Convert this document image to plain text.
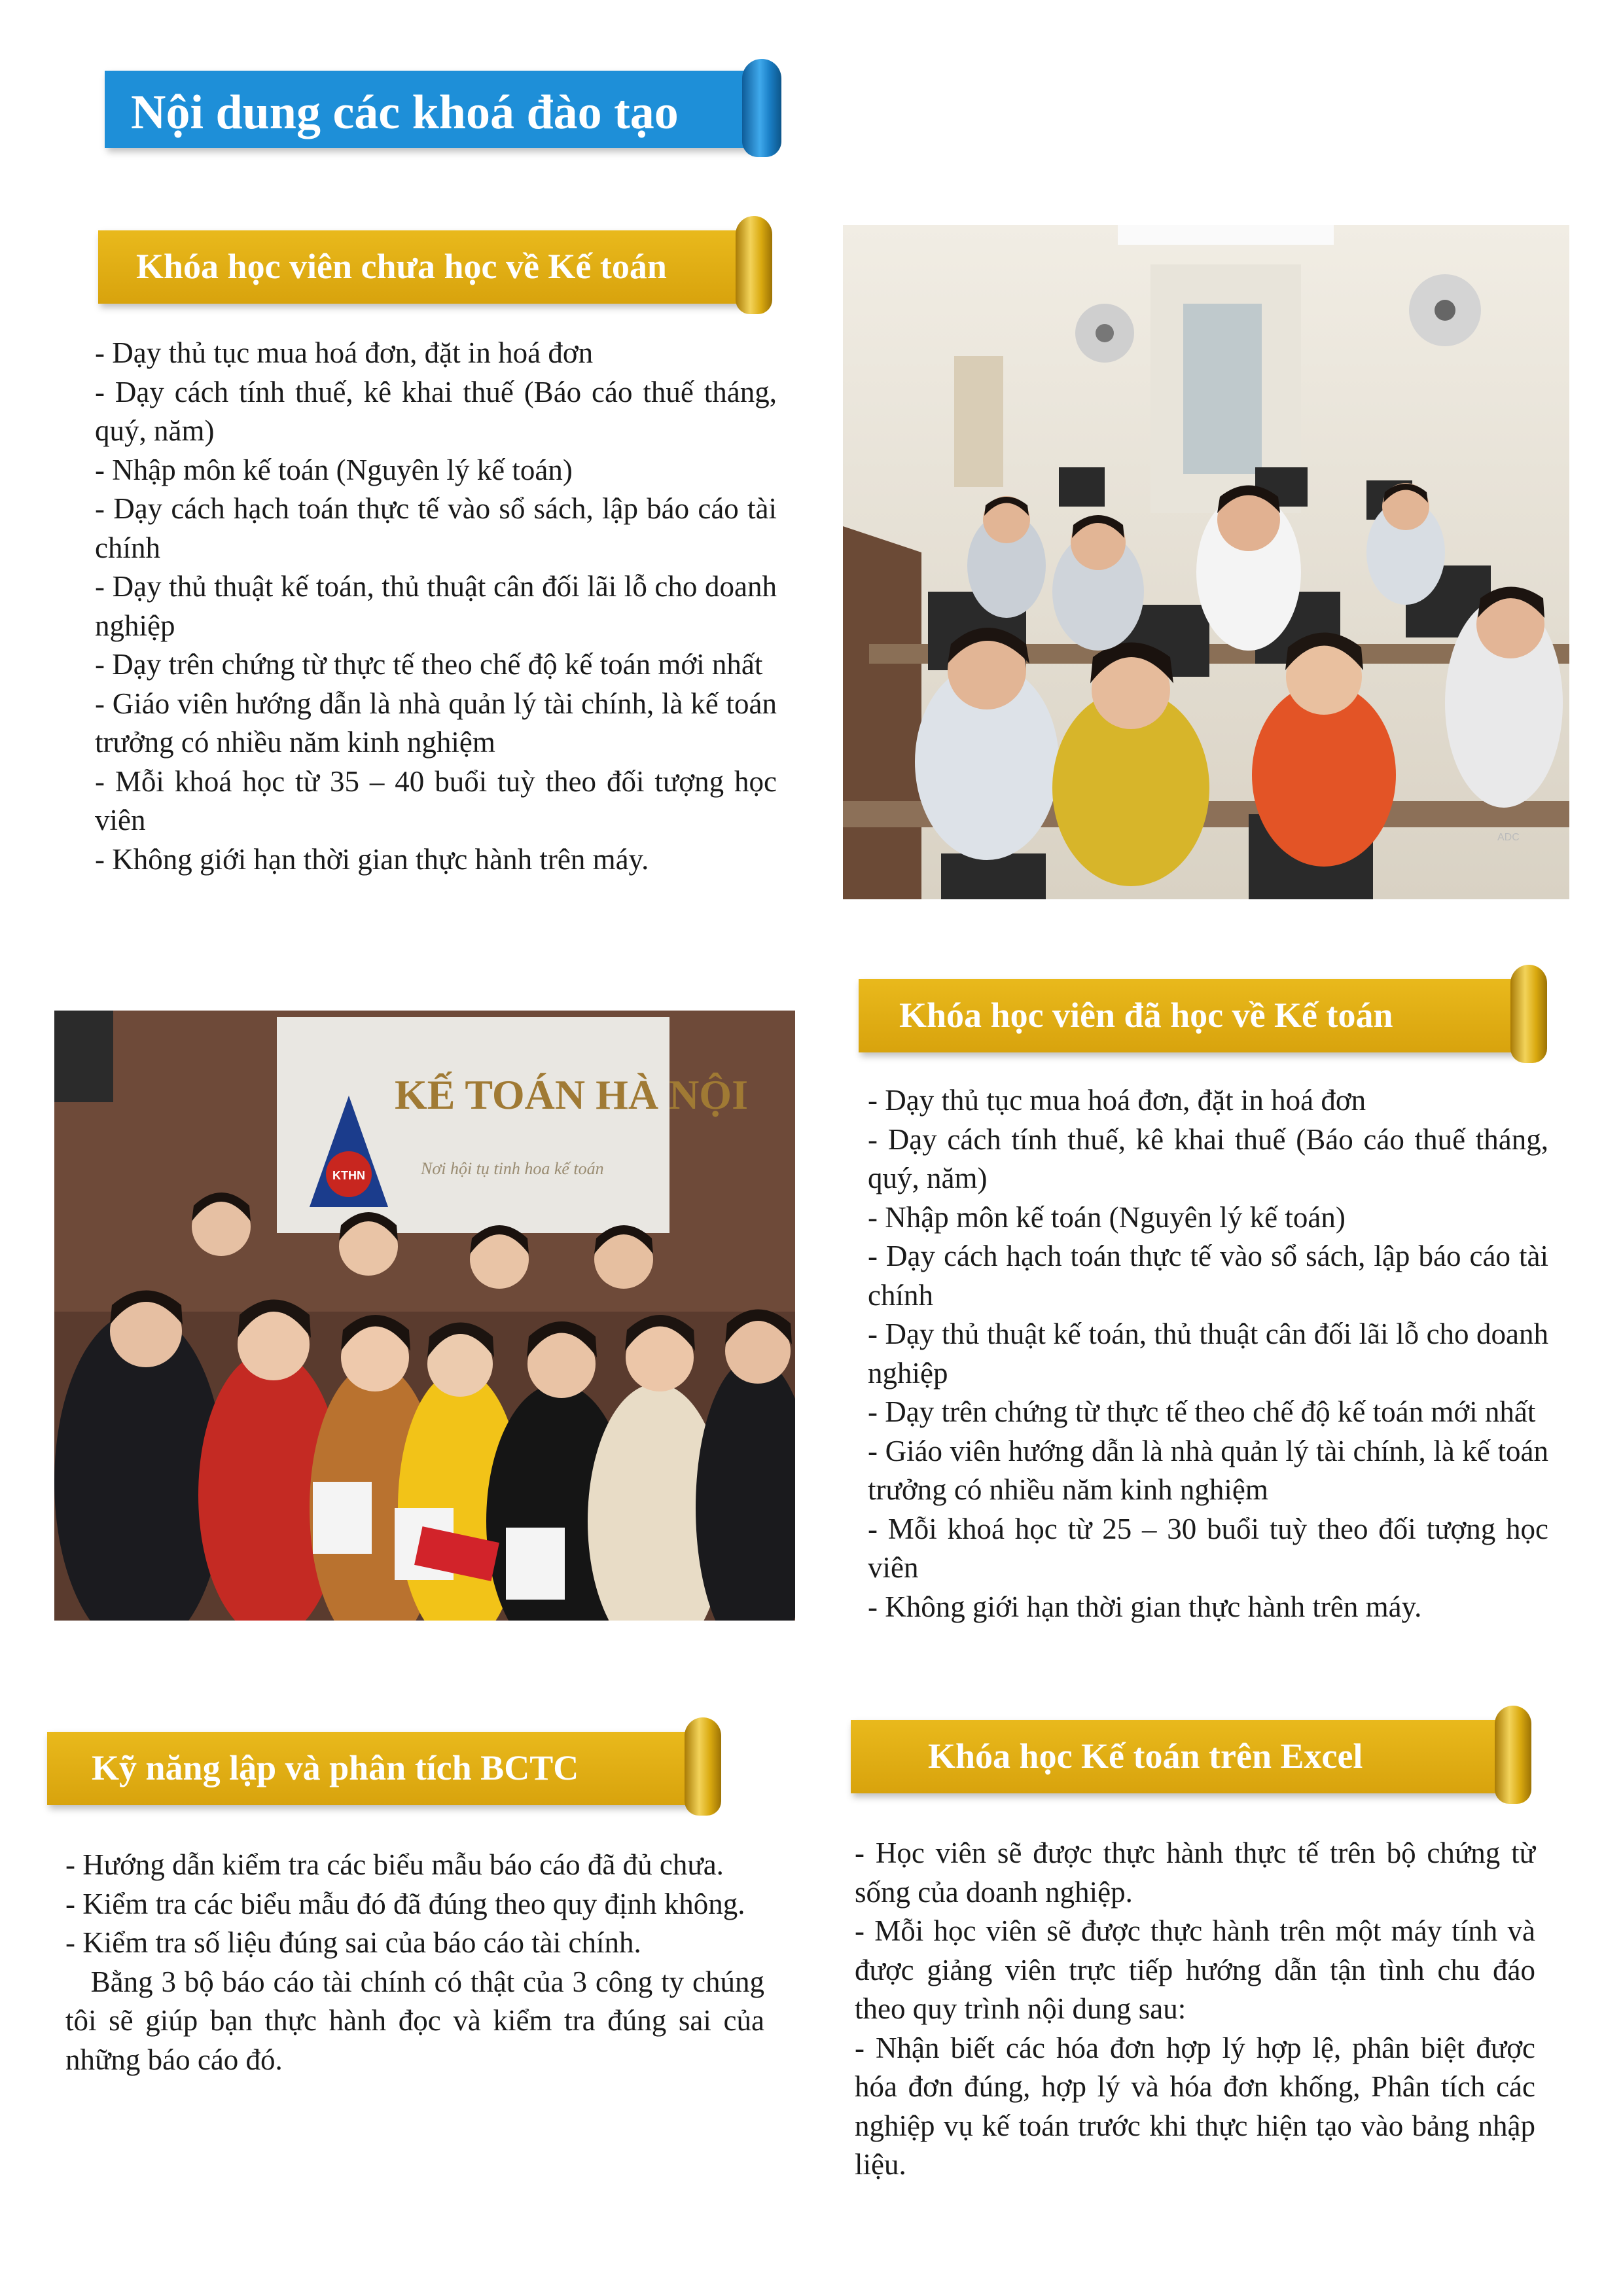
Nội dung các khoá đào tạo
Khóa học viên chưa học về Kế toán

- Dạy thủ tục mua hoá đơn, đặt in hoá đơn

- Dạy cách tính thuế, kê khai thuế (Báo cáo thuế tháng, quý, năm)

- Nhập môn kế toán (Nguyên lý kế toán)

- Dạy cách hạch toán thực tế vào sổ sách, lập báo cáo tài chính

- Dạy thủ thuật kế toán, thủ thuật cân đối lãi lỗ cho doanh nghiệp

- Dạy trên chứng từ thực tế theo chế độ kế toán mới nhất

- Giáo viên hướng dẫn là nhà quản lý tài chính, là kế toán trưởng có nhiều năm kinh nghiệm

- Mỗi khoá học từ 35 – 40 buổi tuỳ theo đối tượng học viên

- Không giới hạn thời gian thực hành trên máy.

ADC
KTHN
KẾ TOÁN HÀ NỘI
Nơi hội tụ tinh hoa kế toán
Khóa học viên đã học về Kế toán

- Dạy thủ tục mua hoá đơn, đặt in hoá đơn

- Dạy cách tính thuế, kê khai thuế (Báo cáo thuế tháng, quý, năm)

- Nhập môn kế toán (Nguyên lý kế toán)

- Dạy cách hạch toán thực tế vào sổ sách, lập báo cáo tài chính

- Dạy thủ thuật kế toán, thủ thuật cân đối lãi lỗ cho doanh nghiệp

- Dạy trên chứng từ thực tế theo chế độ kế toán mới nhất

- Giáo viên hướng dẫn là nhà quản lý tài chính, là kế toán trưởng có nhiều năm kinh nghiệm

- Mỗi khoá học từ 25 – 30 buổi tuỳ theo đối tượng học viên

- Không giới hạn thời gian thực hành trên máy.

Kỹ năng lập và phân tích BCTC

- Hướng dẫn kiểm tra các biểu mẫu báo cáo đã đủ chưa.

- Kiểm tra các biểu mẫu đó đã đúng theo quy định không.

- Kiểm tra số liệu đúng sai của báo cáo tài chính.

Bằng 3 bộ báo cáo tài chính có thật của 3 công ty chúng tôi sẽ giúp bạn thực hành đọc và kiểm tra đúng sai của những báo cáo đó.

Khóa học Kế toán trên Excel

- Học viên sẽ được thực hành thực tế trên bộ chứng từ sống của doanh nghiệp.

- Mỗi học viên sẽ được thực hành trên một máy tính và được giảng viên trực tiếp hướng dẫn tận tình chu đáo theo quy trình nội dung sau:

- Nhận biết các hóa đơn hợp lý hợp lệ, phân biệt được hóa đơn đúng, hợp lý và hóa đơn khống, Phân tích các nghiệp vụ kế toán trước khi thực hiện tạo vào bảng nhập liệu.
